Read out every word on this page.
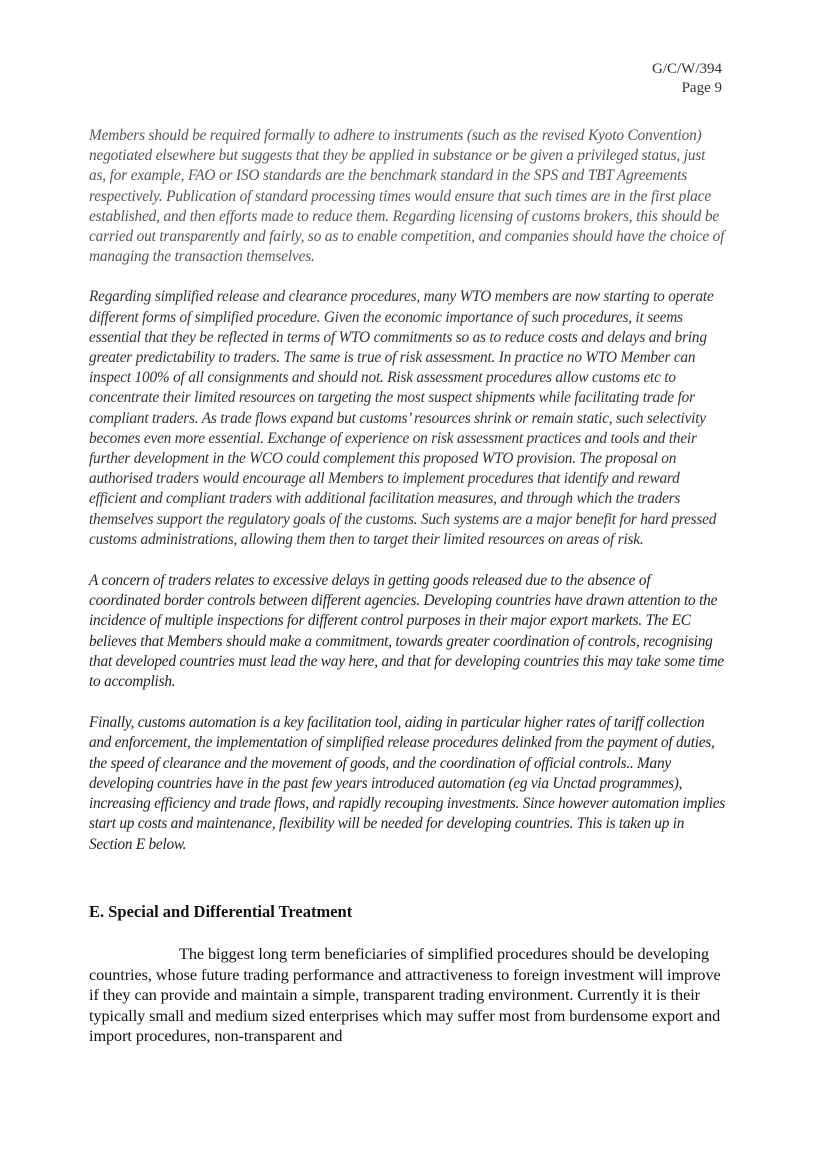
G/C/W/394
Page 9

Members should be required formally to adhere to instruments (such as the revised Kyoto Convention) negotiated elsewhere but suggests that they be applied in substance or be given a privileged status, just as, for example, FAO or ISO standards are the benchmark standard in the SPS and TBT Agreements respectively. Publication of standard processing times would ensure that such times are in the first place established, and then efforts made to reduce them. Regarding licensing of customs brokers, this should be carried out transparently and fairly, so as to enable competition, and companies should have the choice of managing the transaction themselves.

Regarding simplified release and clearance procedures, many WTO members are now starting to operate different forms of simplified procedure. Given the economic importance of such procedures, it seems essential that they be reflected in terms of WTO commitments so as to reduce costs and delays and bring greater predictability to traders. The same is true of risk assessment. In practice no WTO Member can inspect 100% of all consignments and should not. Risk assessment procedures allow customs etc to concentrate their limited resources on targeting the most suspect shipments while facilitating trade for compliant traders. As trade flows expand but customs’ resources shrink or remain static, such selectivity becomes even more essential. Exchange of experience on risk assessment practices and tools and their further development in the WCO could complement this proposed WTO provision. The proposal on authorised traders would encourage all Members to implement procedures that identify and reward efficient and compliant traders with additional facilitation measures, and through which the traders themselves support the regulatory goals of the customs. Such systems are a major benefit for hard pressed customs administrations, allowing them then to target their limited resources on areas of risk.

A concern of traders relates to excessive delays in getting goods released due to the absence of coordinated border controls between different agencies. Developing countries have drawn attention to the incidence of multiple inspections for different control purposes in their major export markets. The EC believes that Members should make a commitment, towards greater coordination of controls, recognising that developed countries must lead the way here, and that for developing countries this may take some time to accomplish.

Finally, customs automation is a key facilitation tool, aiding in particular higher rates of tariff collection and enforcement, the implementation of simplified release procedures delinked from the payment of duties, the speed of clearance and the movement of goods, and the coordination of official controls.. Many developing countries have in the past few years introduced automation (eg via Unctad programmes), increasing efficiency and trade flows, and rapidly recouping investments. Since however automation implies start up costs and maintenance, flexibility will be needed for developing countries. This is taken up in Section E below.

E. Special and Differential Treatment

The biggest long term beneficiaries of simplified procedures should be developing countries, whose future trading performance and attractiveness to foreign investment will improve if they can provide and maintain a simple, transparent trading environment. Currently it is their typically small and medium sized enterprises which may suffer most from burdensome export and import procedures, non-transparent and
